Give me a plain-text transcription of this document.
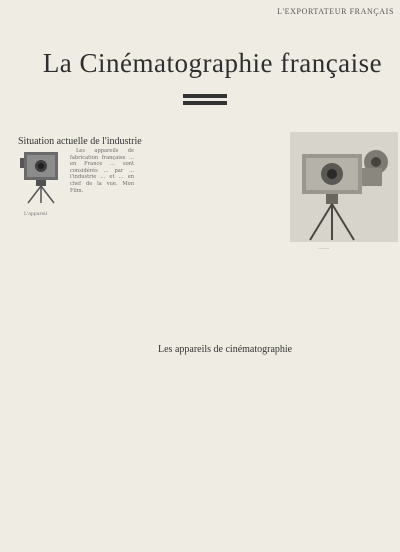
L'EXPORTATEUR FRANÇAIS
La Cinématographie française
Situation actuelle de l'industrie
L'appareil

Les appareils de fabrication française ... en France ... sont considérés ... par ... l'industrie ... et ... en chef de la vue. Mon Film.

Les appareils de cinématographie
........
